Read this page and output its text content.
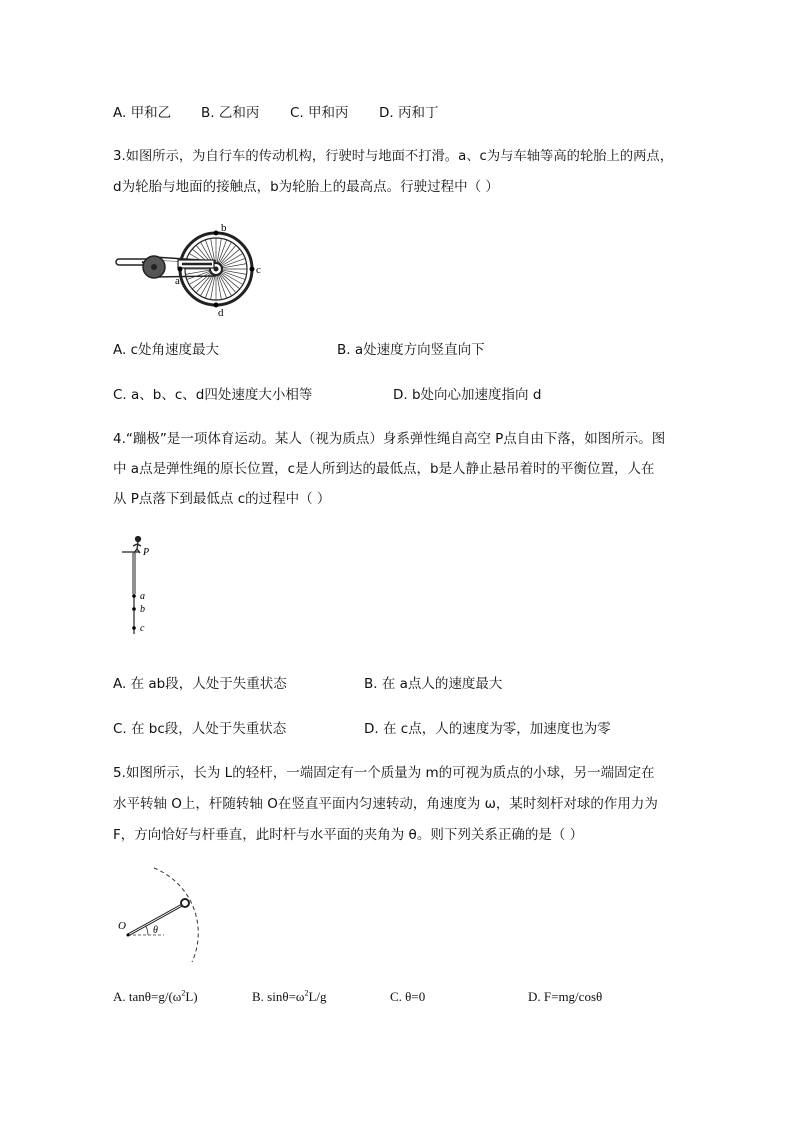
A. 甲和乙 B. 乙和丙 C. 甲和丙 D. 丙和丁
3.如图所示，为自行车的传动机构，行驶时与地面不打滑。a、c为与车轴等高的轮胎上的两点，
d为轮胎与地面的接触点，b为轮胎上的最高点。行驶过程中（ ）
b
c
d
a
A. c处角速度最大	B. a处速度方向竖直向下
C. a、b、c、d四处速度大小相等	D. b处向心加速度指向 d
4.“蹦极”是一项体育运动。某人（视为质点）身系弹性绳自高空 P点自由下落，如图所示。图
中 a点是弹性绳的原长位置，c是人所到达的最低点，b是人静止悬吊着时的平衡位置，人在
从 P点落下到最低点 c的过程中（ ）
P
a
b
c
A. 在 ab段，人处于失重状态	B. 在 a点人的速度最大
C. 在 bc段，人处于失重状态	D. 在 c点，人的速度为零，加速度也为零
5.如图所示，长为 L的轻杆，一端固定有一个质量为 m的可视为质点的小球，另一端固定在
水平转轴 O上，杆随转轴 O在竖直平面内匀速转动，角速度为 ω，某时刻杆对球的作用力为
F，方向恰好与杆垂直，此时杆与水平面的夹角为 θ。则下列关系正确的是（ ）
O	θ
A. $\tan\theta=g/(\omega^2L)$	B. $\sin\theta=\omega^2L/g$	C. θ=0	D. F=mg/cosθ
